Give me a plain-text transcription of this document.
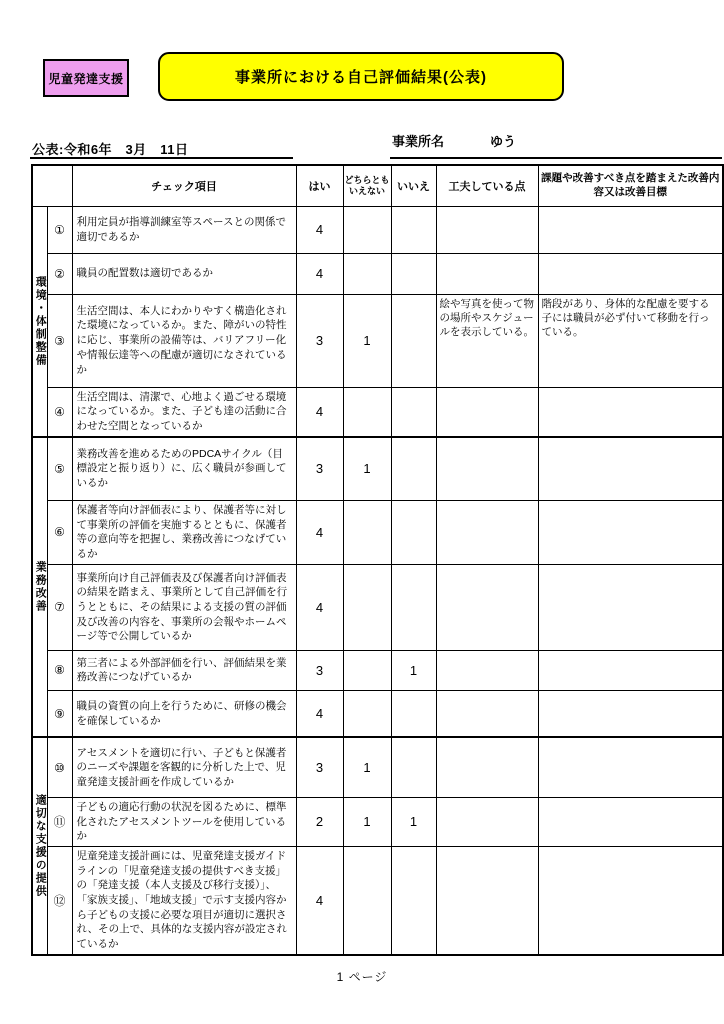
児童発達支援	事業所における自己評価結果(公表)
公表:令和6年　3月　11日
事業所名	ゆう
		チェック項目	はい	どちらともいえない	いいえ	工夫している点	課題や改善すべき点を踏まえた改善内容又は改善目標

環境・体制整備	①	利用定員が指導訓練室等スペースとの関係で適切であるか	4				
	②	職員の配置数は適切であるか	4				
	③	生活空間は、本人にわかりやすく構造化された環境になっているか。また、障がいの特性に応じ、事業所の設備等は、バリアフリー化や情報伝達等への配慮が適切になされているか	3	1		絵や写真を使って物の場所やスケジュールを表示している。	階段があり、身体的な配慮を要する子には職員が必ず付いて移動を行っている。
	④	生活空間は、清潔で、心地よく過ごせる環境になっているか。また、子ども達の活動に合わせた空間となっているか	4				

業務改善	⑤	業務改善を進めるためのPDCAサイクル（目標設定と振り返り）に、広く職員が参画しているか	3	1			
	⑥	保護者等向け評価表により、保護者等に対して事業所の評価を実施するとともに、保護者等の意向等を把握し、業務改善につなげているか	4				
	⑦	事業所向け自己評価表及び保護者向け評価表の結果を踏まえ、事業所として自己評価を行うとともに、その結果による支援の質の評価及び改善の内容を、事業所の会報やホームページ等で公開しているか	4				
	⑧	第三者による外部評価を行い、評価結果を業務改善につなげているか	3		1		
	⑨	職員の資質の向上を行うために、研修の機会を確保しているか	4				

適切な支援の提供	⑩	アセスメントを適切に行い、子どもと保護者のニーズや課題を客観的に分析した上で、児童発達支援計画を作成しているか	3	1			
	⑪	子どもの適応行動の状況を図るために、標準化されたアセスメントツールを使用しているか	2	1	1		
	⑫	児童発達支援計画には、児童発達支援ガイドラインの「児童発達支援の提供すべき支援」の「発達支援（本人支援及び移行支援）」、「家族支援」、「地域支援」で示す支援内容から子どもの支援に必要な項目が適切に選択され、その上で、具体的な支援内容が設定されているか	4				
1 ページ
